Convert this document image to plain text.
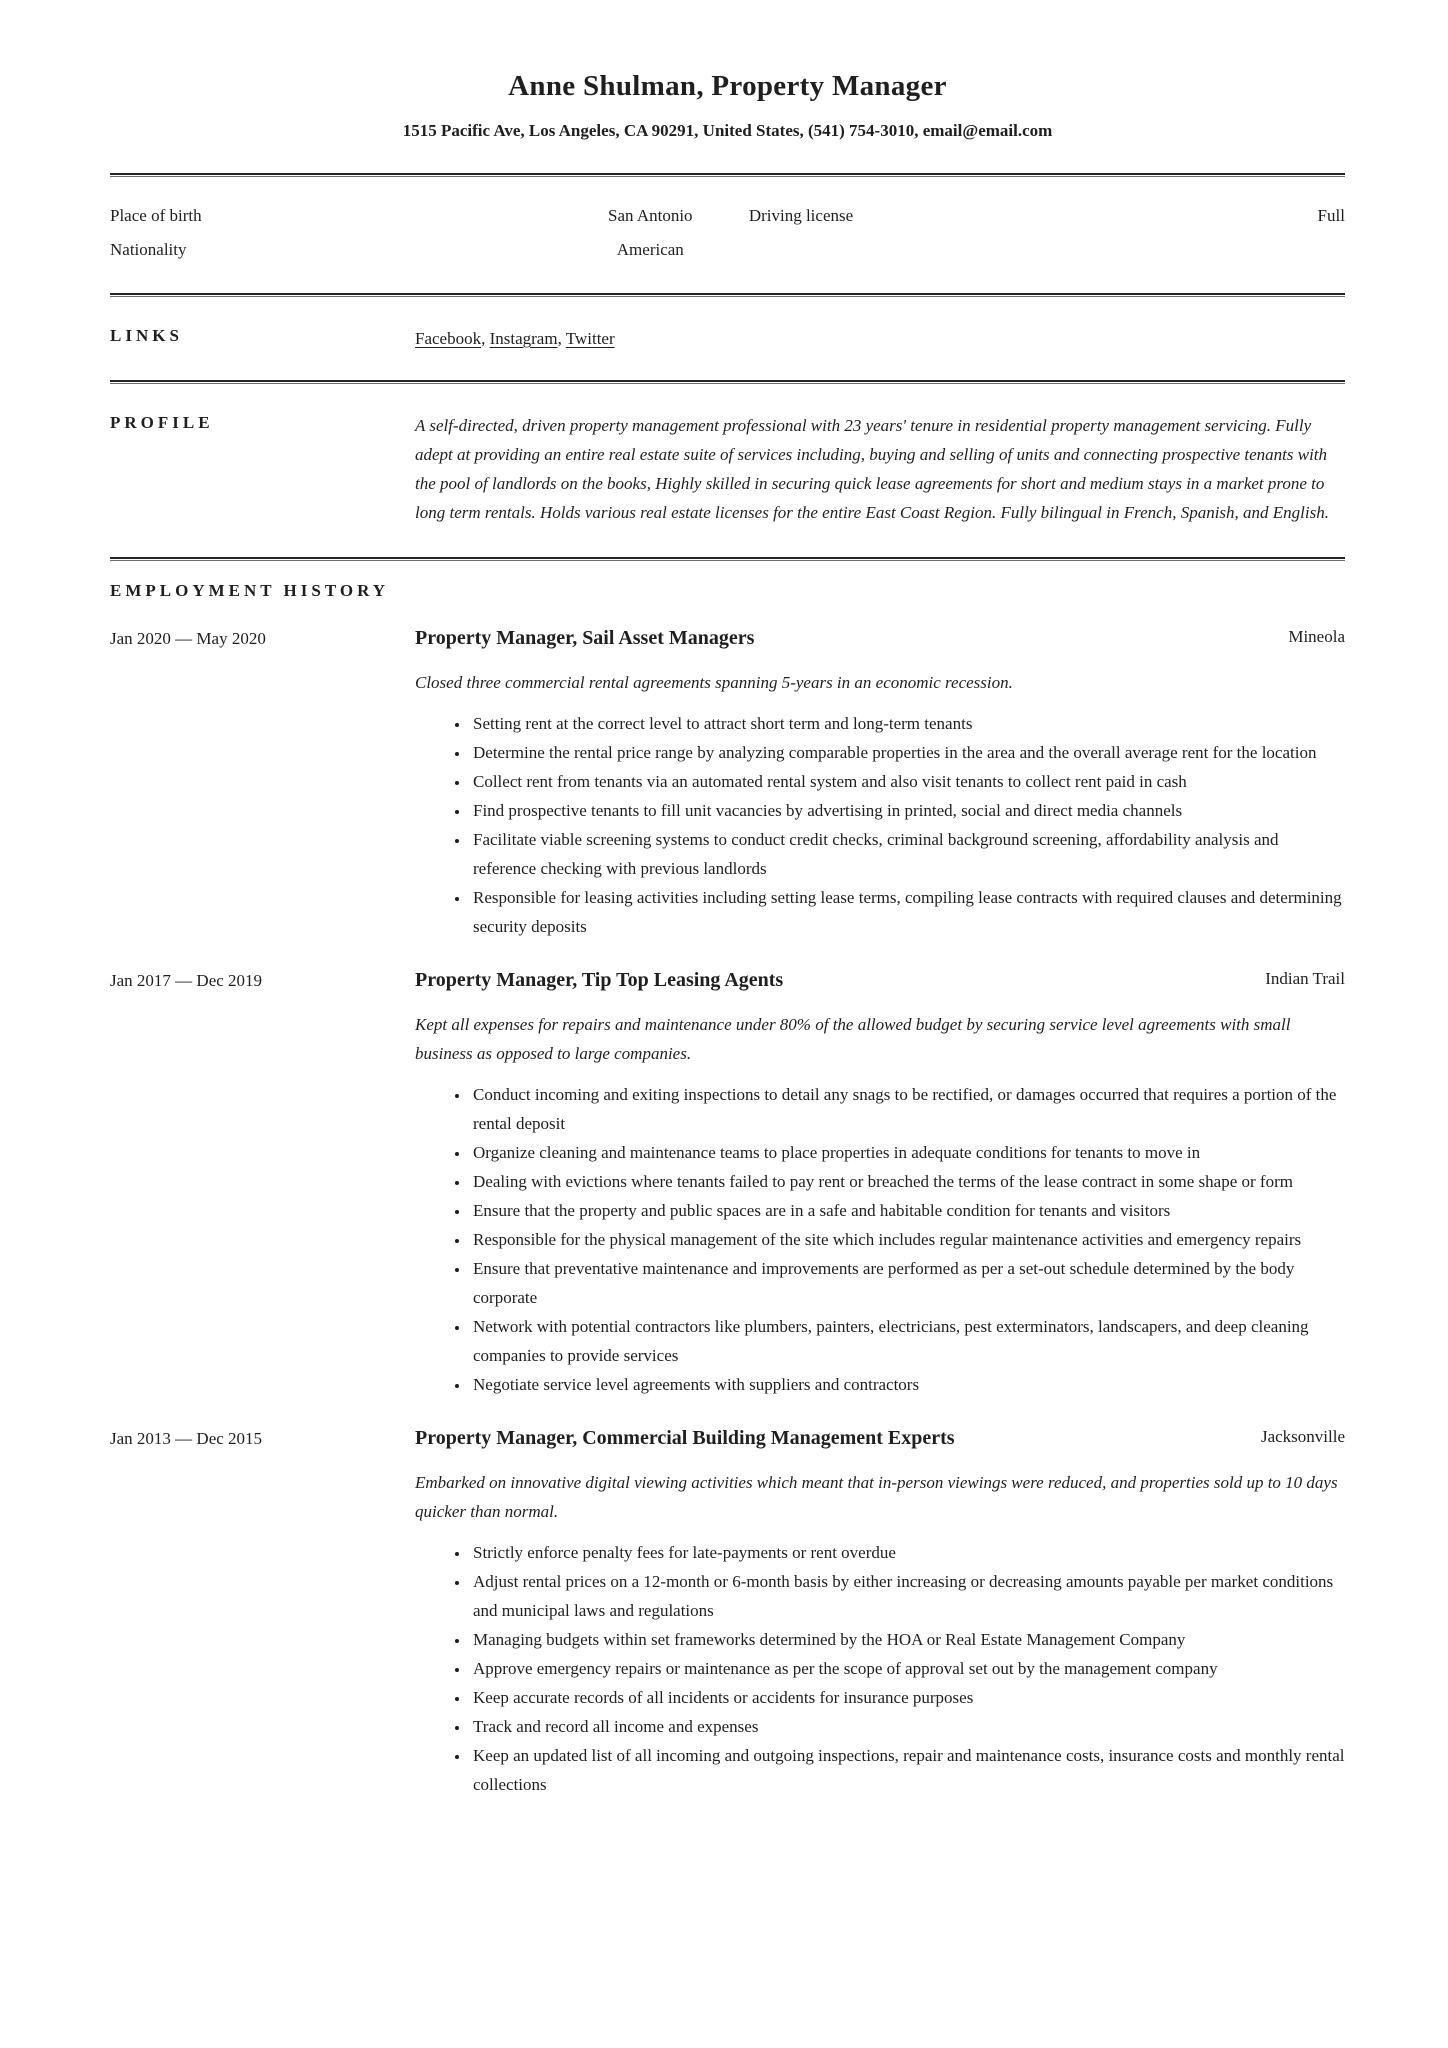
Anne Shulman, Property Manager
1515 Pacific Ave, Los Angeles, CA 90291, United States, (541) 754-3010, email@email.com
Place of birth	San Antonio	Driving license	Full
Nationality	American
LINKS	Facebook, Instagram, Twitter
PROFILE	A self-directed, driven property management professional with 23 years' tenure in residential property management servicing. Fully adept at providing an entire real estate suite of services including, buying and selling of units and connecting prospective tenants with the pool of landlords on the books, Highly skilled in securing quick lease agreements for short and medium stays in a market prone to long term rentals. Holds various real estate licenses for the entire East Coast Region. Fully bilingual in French, Spanish, and English.
EMPLOYMENT HISTORY
Jan 2020 — May 2020	Property Manager, Sail Asset Managers	Mineola

Closed three commercial rental agreements spanning 5-years in an economic recession.

• Setting rent at the correct level to attract short term and long-term tenants
• Determine the rental price range by analyzing comparable properties in the area and the overall average rent for the location
• Collect rent from tenants via an automated rental system and also visit tenants to collect rent paid in cash
• Find prospective tenants to fill unit vacancies by advertising in printed, social and direct media channels
• Facilitate viable screening systems to conduct credit checks, criminal background screening, affordability analysis and reference checking with previous landlords
• Responsible for leasing activities including setting lease terms, compiling lease contracts with required clauses and determining security deposits
Jan 2017 — Dec 2019	Property Manager, Tip Top Leasing Agents	Indian Trail

Kept all expenses for repairs and maintenance under 80% of the allowed budget by securing service level agreements with small business as opposed to large companies.

• Conduct incoming and exiting inspections to detail any snags to be rectified, or damages occurred that requires a portion of the rental deposit
• Organize cleaning and maintenance teams to place properties in adequate conditions for tenants to move in
• Dealing with evictions where tenants failed to pay rent or breached the terms of the lease contract in some shape or form
• Ensure that the property and public spaces are in a safe and habitable condition for tenants and visitors
• Responsible for the physical management of the site which includes regular maintenance activities and emergency repairs
• Ensure that preventative maintenance and improvements are performed as per a set-out schedule determined by the body corporate
• Network with potential contractors like plumbers, painters, electricians, pest exterminators, landscapers, and deep cleaning companies to provide services
• Negotiate service level agreements with suppliers and contractors
Jan 2013 — Dec 2015	Property Manager, Commercial Building Management Experts	Jacksonville

Embarked on innovative digital viewing activities which meant that in-person viewings were reduced, and properties sold up to 10 days quicker than normal.

• Strictly enforce penalty fees for late-payments or rent overdue
• Adjust rental prices on a 12-month or 6-month basis by either increasing or decreasing amounts payable per market conditions and municipal laws and regulations
• Managing budgets within set frameworks determined by the HOA or Real Estate Management Company
• Approve emergency repairs or maintenance as per the scope of approval set out by the management company
• Keep accurate records of all incidents or accidents for insurance purposes
• Track and record all income and expenses
• Keep an updated list of all incoming and outgoing inspections, repair and maintenance costs, insurance costs and monthly rental collections
